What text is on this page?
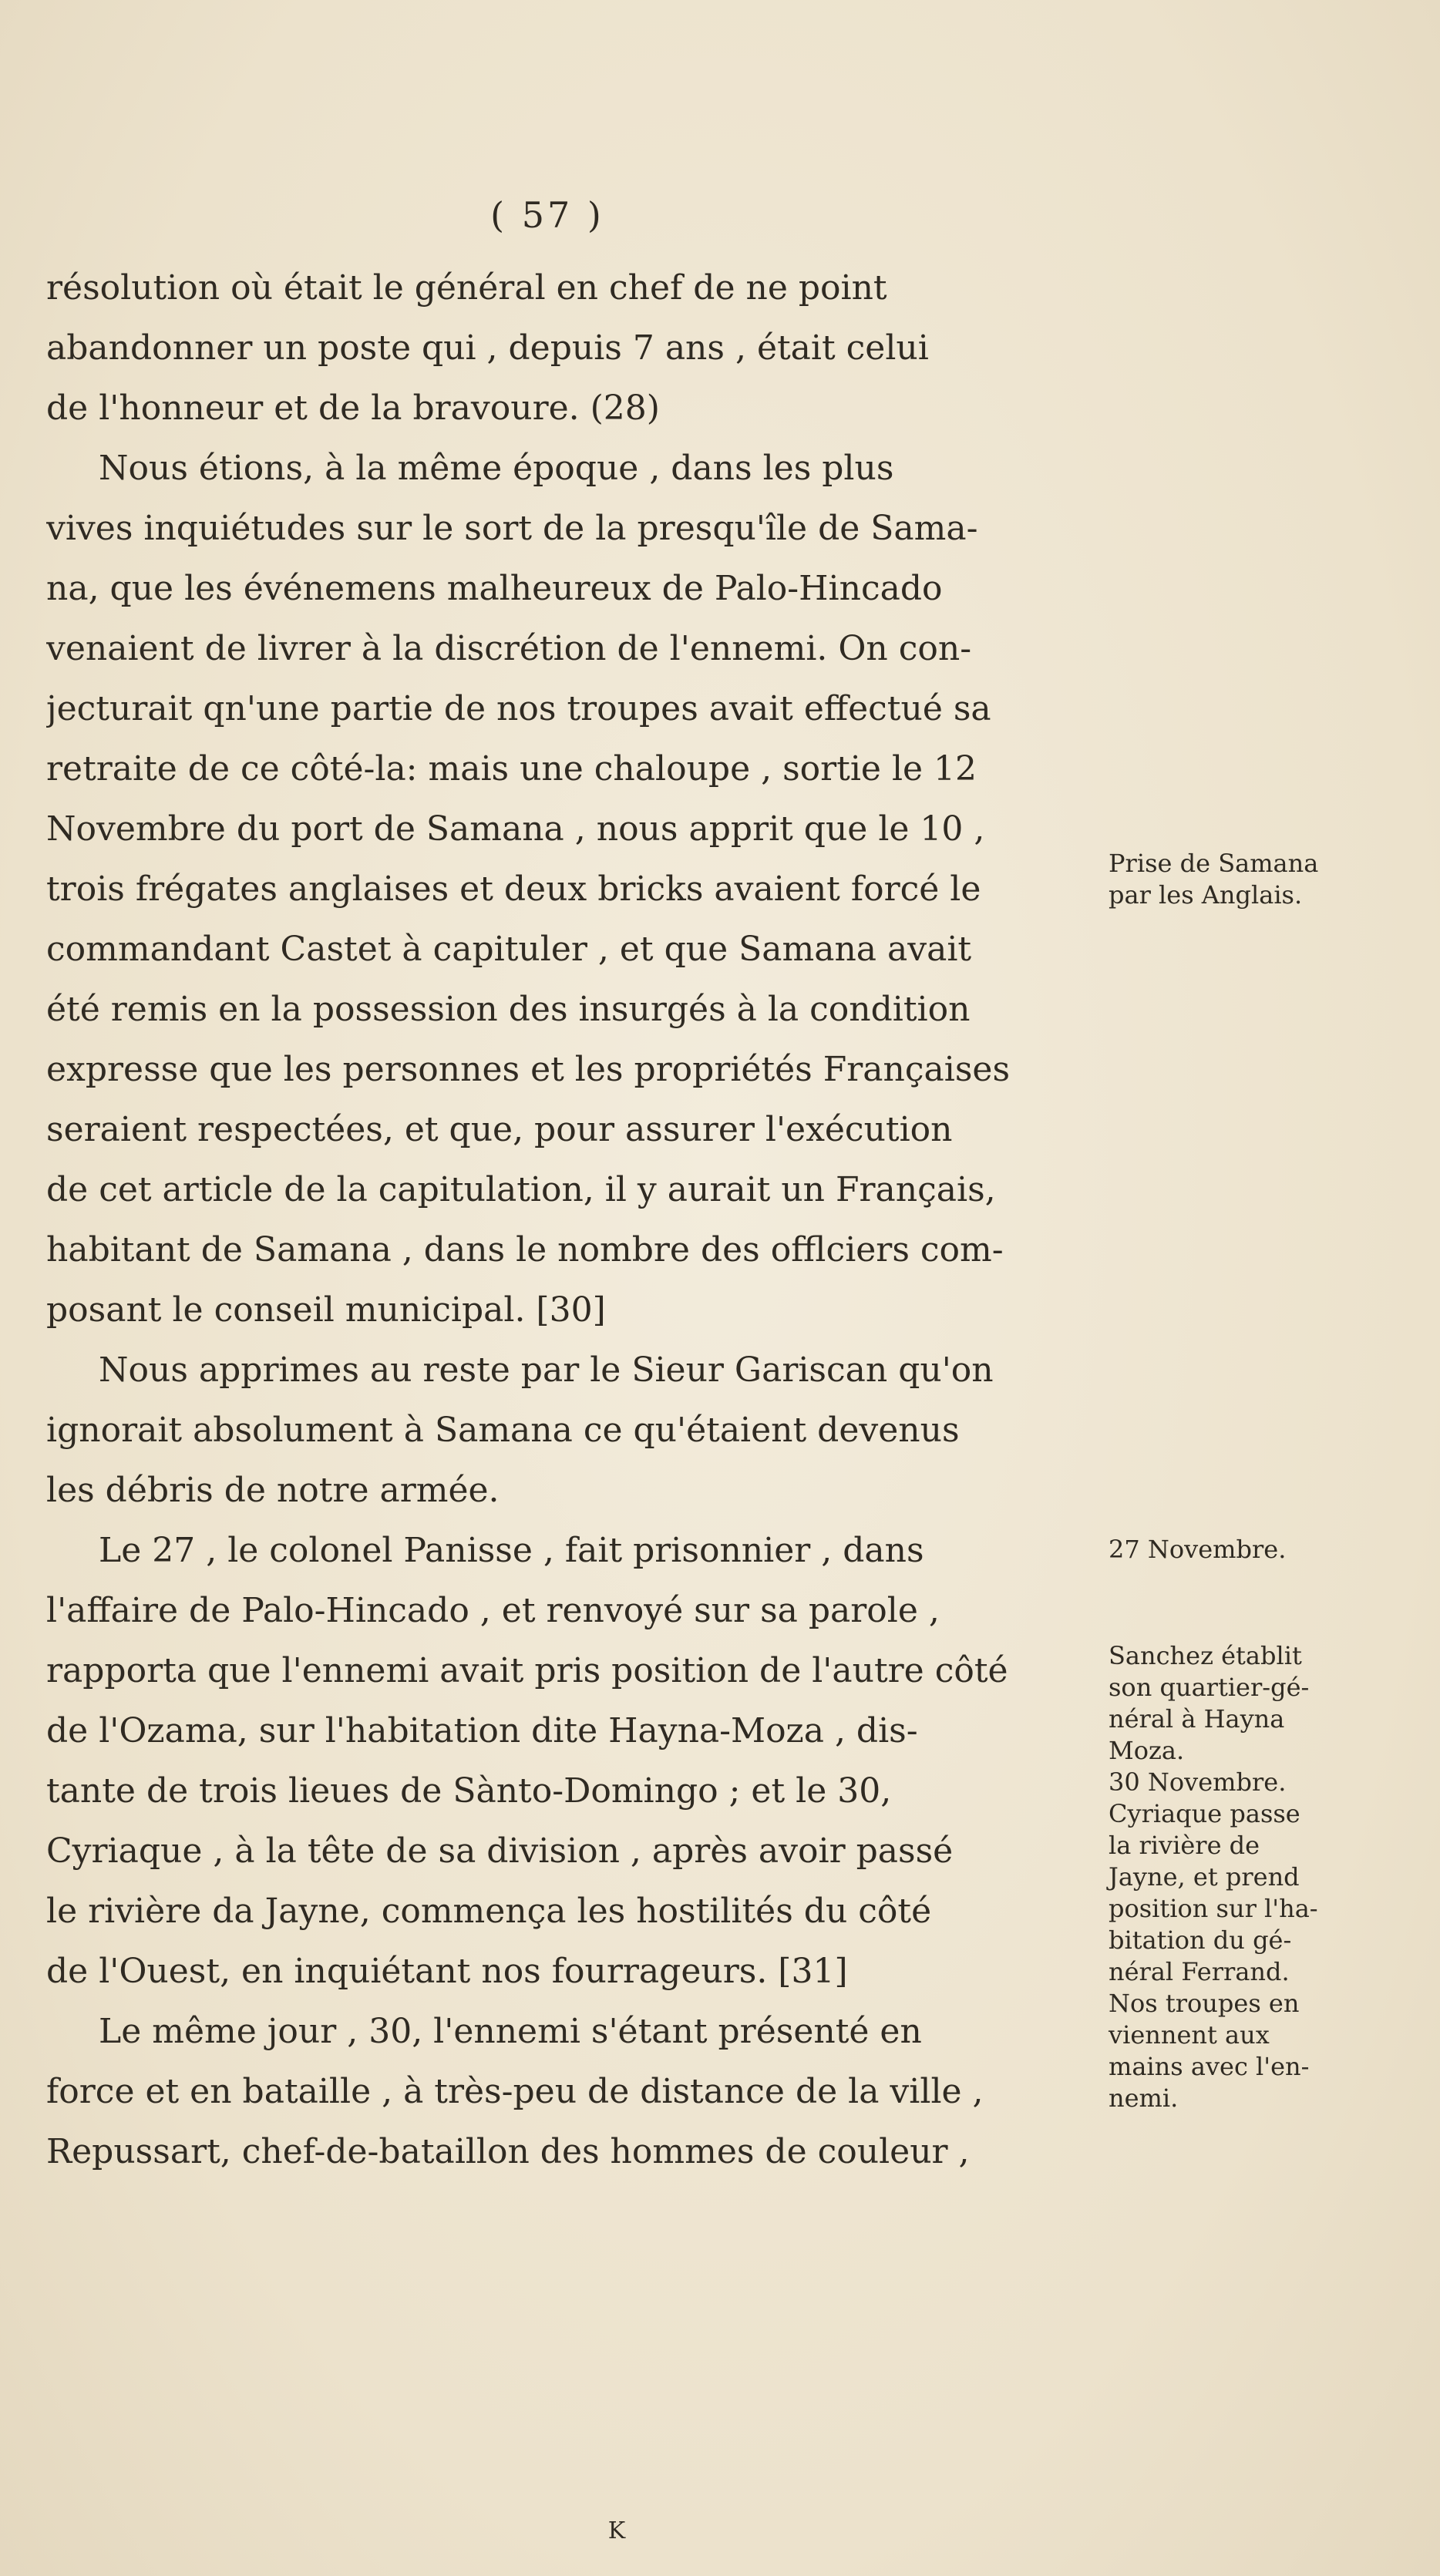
( 57 )
résolution où était le général en chef de ne point
abandonner un poste qui , depuis 7 ans , était celui
de l'honneur et de la bravoure. (28)
Nous étions, à la même époque , dans les plus
vives inquiétudes sur le sort de la presqu'île de Sama-
na, que les événemens malheureux de Palo-Hincado
venaient de livrer à la discrétion de l'ennemi. On con-
jecturait qn'une partie de nos troupes avait effectué sa
retraite de ce côté-la: mais une chaloupe , sortie le 12
Novembre du port de Samana , nous apprit que le 10 ,
trois frégates anglaises et deux bricks avaient forcé le
commandant Castet à capituler , et que Samana avait
été remis en la possession des insurgés à la condition
expresse que les personnes et les propriétés Françaises
seraient respectées, et que, pour assurer l'exécution
de cet article de la capitulation, il y aurait un Français,
habitant de Samana , dans le nombre des offlciers com-
posant le conseil municipal. [30]
Nous apprimes au reste par le Sieur Gariscan qu'on
ignorait absolument à Samana ce qu'étaient devenus
les débris de notre armée.
Le 27 , le colonel Panisse , fait prisonnier , dans
l'affaire de Palo-Hincado , et renvoyé sur sa parole ,
rapporta que l'ennemi avait pris position de l'autre côté
de l'Ozama, sur l'habitation dite Hayna-Moza , dis-
tante de trois lieues de Sànto-Domingo ; et le 30,
Cyriaque , à la tête de sa division , après avoir passé
le rivière da Jayne, commença les hostilités du côté
de l'Ouest, en inquiétant nos fourrageurs. [31]
Le même jour , 30, l'ennemi s'étant présenté en
force et en bataille , à très-peu de distance de la ville ,
Repussart, chef-de-bataillon des hommes de couleur ,
Prise de Samana
par les Anglais.
27 Novembre.
Sanchez établit
son quartier-gé-
néral à Hayna
Moza.
30 Novembre.
Cyriaque passe
la rivière de
Jayne, et prend
position sur l'ha-
bitation du gé-
néral Ferrand.
Nos troupes en
viennent aux
mains avec l'en-
nemi.
K
